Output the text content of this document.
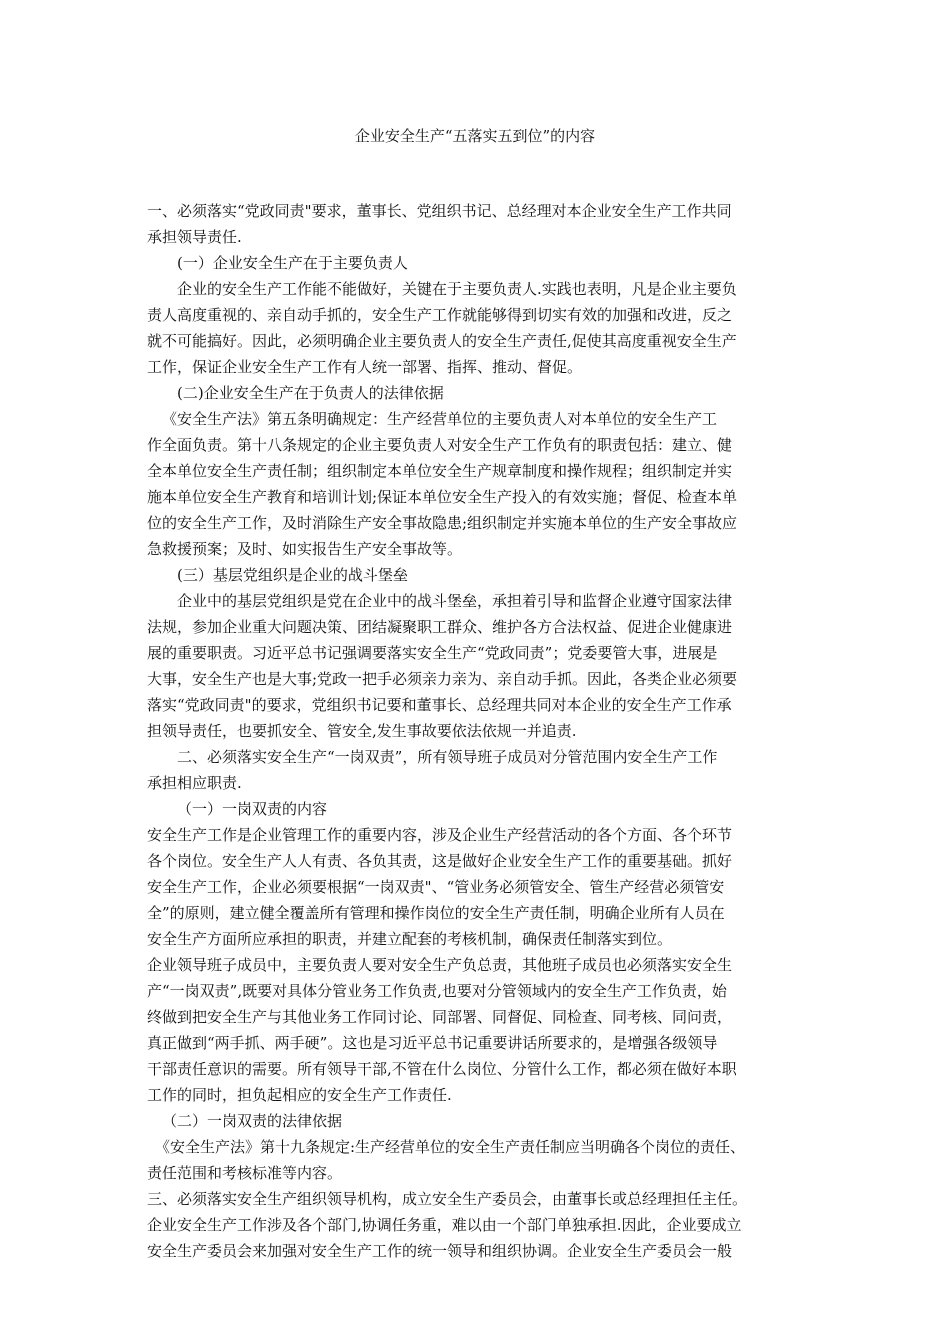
企业安全生产“五落实五到位”的内容
一、必须落实“党政同责"要求，董事长、党组织书记、总经理对本企业安全生产工作共同
承担领导责任.
(一）企业安全生产在于主要负责人
企业的安全生产工作能不能做好，关键在于主要负责人.实践也表明，凡是企业主要负
责人高度重视的、亲自动手抓的，安全生产工作就能够得到切实有效的加强和改进，反之
就不可能搞好。因此，必须明确企业主要负责人的安全生产责任,促使其高度重视安全生产
工作，保证企业安全生产工作有人统一部署、指挥、推动、督促。
(二)企业安全生产在于负责人的法律依据
《安全生产法》第五条明确规定：生产经营单位的主要负责人对本单位的安全生产工
作全面负责。第十八条规定的企业主要负责人对安全生产工作负有的职责包括：建立、健
全本单位安全生产责任制；组织制定本单位安全生产规章制度和操作规程；组织制定并实
施本单位安全生产教育和培训计划;保证本单位安全生产投入的有效实施；督促、检查本单
位的安全生产工作，及时消除生产安全事故隐患;组织制定并实施本单位的生产安全事故应
急救援预案；及时、如实报告生产安全事故等。
(三）基层党组织是企业的战斗堡垒
企业中的基层党组织是党在企业中的战斗堡垒，承担着引导和监督企业遵守国家法律
法规，参加企业重大问题决策、团结凝聚职工群众、维护各方合法权益、促进企业健康进
展的重要职责。习近平总书记强调要落实安全生产“党政同责”；党委要管大事，进展是
大事，安全生产也是大事;党政一把手必须亲力亲为、亲自动手抓。因此，各类企业必须要
落实“党政同责"的要求，党组织书记要和董事长、总经理共同对本企业的安全生产工作承
担领导责任，也要抓安全、管安全,发生事故要依法依规一并追责.
二、必须落实安全生产“一岗双责”，所有领导班子成员对分管范围内安全生产工作
承担相应职责.
（一）一岗双责的内容
安全生产工作是企业管理工作的重要内容，涉及企业生产经营活动的各个方面、各个环节
各个岗位。安全生产人人有责、各负其责，这是做好企业安全生产工作的重要基础。抓好
安全生产工作，企业必须要根据“一岗双责"、“管业务必须管安全、管生产经营必须管安
全”的原则，建立健全覆盖所有管理和操作岗位的安全生产责任制，明确企业所有人员在
安全生产方面所应承担的职责，并建立配套的考核机制，确保责任制落实到位。
企业领导班子成员中，主要负责人要对安全生产负总责，其他班子成员也必须落实安全生
产“一岗双责”,既要对具体分管业务工作负责,也要对分管领域内的安全生产工作负责，始
终做到把安全生产与其他业务工作同讨论、同部署、同督促、同检查、同考核、同问责，
真正做到“两手抓、两手硬”。这也是习近平总书记重要讲话所要求的，是增强各级领导
干部责任意识的需要。所有领导干部,不管在什么岗位、分管什么工作，都必须在做好本职
工作的同时，担负起相应的安全生产工作责任.
（二）一岗双责的法律依据
《安全生产法》第十九条规定:生产经营单位的安全生产责任制应当明确各个岗位的责任、
责任范围和考核标准等内容。
三、必须落实安全生产组织领导机构，成立安全生产委员会，由董事长或总经理担任主任。
企业安全生产工作涉及各个部门,协调任务重，难以由一个部门单独承担.因此，企业要成立
安全生产委员会来加强对安全生产工作的统一领导和组织协调。企业安全生产委员会一般
